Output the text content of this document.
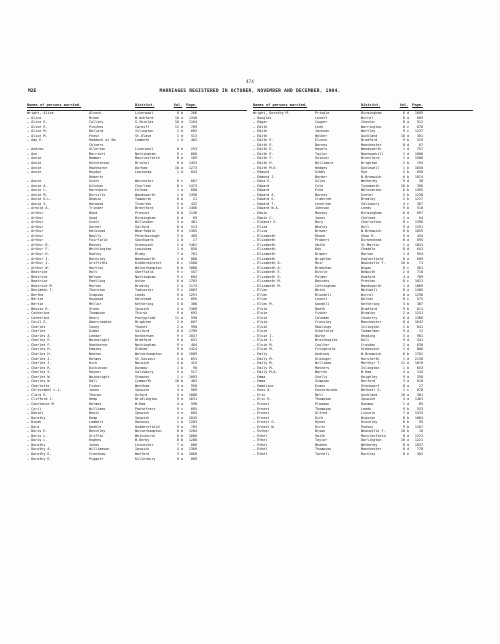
474
M2E	MARRIAGES REGISTERED IN OCTOBER, NOVEMBER AND DECEMBER, 1904.
Names of persons married.	District.	Vol.	Page.
Wright, Alice	Alcock	Liverpool	8 b	266
— Alice	Brown	W.Ashford	10 a	1340
— Alice E.	Collins	S.Shields	10 a	1164
— Alice E.	Pinches	Cardiff	11 a	769
— Alice M.	Ballard	Islington	1 b	665
— Alice M.	Feast	St.Olave	1 d	513
— Amy E.	Haddock or Ba	Lambeth	1 d	402
Chivers
— Andrew	Allerton	Liverpool	8 b	253
— Ann	Marriott	Nottingham	9 c	666
— Annie	Bamber	Macclesfield	8 a	189
— Annie	Hutchinson	Bristol	6 a	1453
— Annie	Hawthorne	Durham	10 a	1273
— Annie	Haydon	Lewisham	1 d	843
Roberts
— Annie	Scott	Worcester	6 c	607
— Annie A.	Kitchen	Chorlton	8 c	1473
— Annie L.	Hartshorn	Fulham	1 a	600
— Annie M.	Bursills	Wandsworth	1 d	1396
— Annie O.L.	Deakin	Tamworth	6 b	21
— Annie S.	Harwood	Tiverton	5 b	432
— Arnold A.	Trinder	Brentford	3 a	1466
— Arthur	Bond	Prescot	8 b	1136
— Arthur	Good	Birmingham	6 d	69
— Arthur	Scott	Willesden	3 a	401
— Arthur	Garner	Salford	8 d	513
— Arthur	Halstead	Wharfedale	9 a	1305
— Arthur	Newlly	Peterborough	3 b	409
— Arthur	Fairfield	Southwark	1 d	17
— Arthur B.	Massey	Greenwich	1 d	1461
— Arthur F.	Whittington	Lewisham	1 d	850
— Arthur H.	Rowley	Blaby	7 a	761
— Arthur J.	Barnsley	Wandsworth	1 d	888
— Arthur J.	Griffiths	Kidderminster	6 c	1500
— Arthur W.	Hartley	Wolverhampton	6 b	1086
— Beatrice	Holt	Sheffield	9 c	557
— Beatrice	Nelson	Nottingham	9 c	684
— Beatrice	Pantling	Aston	6 d	1783
— Beatrice M.	Horton	Bromley	2 a	1174
— Benjamin T.	Thornton	Tadcaster	9 c	1063
— Bertha	Simpson	Leeds	9 b	1291
— Bertie	Haywood	Halstead	4 a	895
— Bertie	Mellor	Kettering	3 b	386
— Bessie R.	Green	Ipswich	4 a	1368
— Catherine	Thompson	Thirsk	9 d	693
— Catherine	Henry	Pontypridd	11 a	590
— Cecil E.	Abercrombie	Brighton	2 b	667
— Charles	Coney	Thanet	2 a	990
— Charles	Gibbs	Salford	8 d	1789
— Charles A.	Leedar	Rotherham	9 c	1037
— Charles E.	Wainwright	Bradford	9 b	651
— Charles F.	Hawthorne	Nottingham	9 c	484
— Charles H.	Emmies	Oldham	9 b	1424
— Charles H.	Newton	Wolverhampton	6 b	1009
— Charles J.	Holmes	St.Saviour	1 d	651
— Charles J.	Kirk	Norwich	4 b	415
— Charles R.	Dickinson	Dunmow	1 b	90
— Charles S.	Rayner	Salisbury	5 a	517
— Charles W.	Wainwright	Stepney	1 c	1093
— Charles W.	Hall	Cymmwrth	10 b	465
— Charlotte	Fisher	Westham	4 a	956
— Christabel L.L.	Jones	Ipswich	4 a	909
— Clara E.	Thorpe	Oxford	3 a	1086
— Clifford J.	Hemp	Bridlington	9 d	1631
— Constance M.	Holmes	W.Ham	4 a	598
— Cyril	Williams	Pontefract	9 c	605
— Daniel	Hewit	Ipswich	4 a	605
— Dorothy	Kemp	Ipswich	4 a	2045
— Dinah	Lambert	Hackney	1 b	1203
— Dora	Keeble	Huddersfield	9 a	783
— Doris E.	Batchley	Wolverhampton	6 b	1204
— Doris L.	Griffin	Whitchurch	6 b	1806
— Doris L.	Hughes	W.Derby	8 b	1280
— Dorothy	Jones	Leicester	7 a	866
— Dorothy A.	Williamson	Ipswich	4 a	1369
— Dorothy E.	Cronshaw	Watford	3 a	2060
— Dorothy E.	Piggott	Killerbury	9 a	889
Names of persons married.	District.	Vol.	Page.
Wright, Dorothy M.	Pringle	Birmingham	6 d	1609
— Douglas	Lovett	Wirral	8 a	605
— Edgar	Cooper	Chester	8 a	912
— Edith	Leek	Warrington	8 c	678
— Edith	Jackson	Wortley	9 c	1237
— Edith	Walker	Auckland	10 a	301
— Edith E.	Elcock	Bradford	9 b	519
— Edith E.	Barnes	Manchester	8 d	67
— Edith E.	Hayers	Wandsworth	1 d	797
— Edith E.	Taylor	Newtownhill	1 d	1006
— Edith F.	Skinner	Brentford	1 a	1588
— Edith H.	Bullimore	Brighton	2 b	194
— Edith M.E.	Hedges	Dunlewell	1 b	1650
— Edmund	Gibbs	Rye	2 b	650
— Edmund J.	Barber	N.Bromwich	6 b	1074
— Edna E.	Giles	Wetherby	9 d	30
— Edward	Cole	Tynemouth	10 b	396
— Edward	Pike	Wolstanton	6 b	1365
— Edward A.	Barnes	Exeter	5 b	1230
— Edward G.	Crabtree	Bromley	2 b	1217
— Edward T.	Leverton	Salisbury	4 c	367
— Edward W.A.	Johnson	Leeds	9 b	510
— Edwin	Massey	Birmingham	6 d	697
— Edwin C.	Jones	Chelsea	1 a	64
— Eleanor E.	Bury	Charlotton	8 c	1390
— Eliza	Whaley	Hull	9 d	1291
— Eliza	Brewer	W.Bromwich	6 b	1055
— Elizabeth	Rhone	Shaw R.	9 a	454
— Elizabeth	Probert	Birkenhead	8 a	695
— Elizabeth	Smith	St.Martin	1 a	1031
— Elizabeth	Kay	Chaddle	8 d	641
— Elizabeth	Draper	Marton	1 d	954
— Elizabeth	Wrighton	Eaglesfield	8 a	609
— Elizabeth A.	Muir	Newcastle T.	10 b	71
— Elizabeth A.	Bradshaw	Wigan	8 c	361
— Elizabeth E.	Bitcle	Bedwith	2 d	710
— Elizabeth E.	Palmer	Romford	4 a	789
— Elizabeth M.	Baccahs	Preston	8 c	1021
— Elizabeth M.	Cottingham	Wandsworth	1 d	1069
— Ellen	White	Whitwell	8 a	1485
— Ellen	Blundell	Wirral	8 a	1296
— Ellen	Lovett	Bolton	8 c	575
— Ellen M.	Gandell	Kettering	3 b	387
— Elsie	Booth	Bradford	9 b	611
— Elsie	Fisher	Bromley	2 a	1251
— Elsie	Caleman	Coventry	6 d	1366
— Elsie	Crossley	Manchester	8 a	1642
— Elsie	Rawlings	Islington	1 b	841
— Elsie	Schofield	Todmorden	9 a	12
— Elsie I.	Burke	Reading	3 a	981
— Elsie I.	Braithwaite	Hull	9 d	541
— Elsie M.	Coulter	Croydon	2 a	630
— Elsie M.	Fitzgerald	Greenwich	1 d	806
— Emily	Andrews	W.Bromwich	6 b	1701
— Emily M.	Grainger	Horsforth	1 d	2130
— Emily M.	Williams	Merthyr T.	11 a	1070
— Emily M.	Masters	Islington	1 b	653
— Emily M.A.	Warren	W.Ham	4 a	134
— Emma	Snelly	Keighley	9 a	350
— Emma	Simpson	Burford	3 a	610
— Emmeline	Evans	Stockport	8 a	27
— Enos A.	Easterbrook	Bethnal G.	1 c	678
— Eric	Bell	Auckland	10 a	301
— Eric H.	Thompson	Ipswich	4 a	1461
— Ernest	Plowman	Dunmow	1 d	85
— Ernest	Thompson	Leeds	9 b	533
— Ernest	Alfred	Lincoln	7 a	1315
— Ernest	Kirk	Wigston	8 b	1004
— Ernest G.	Hynes	Hinckley	6 b	95
— Ernest W.	Hirst	Pudsey	9 b	1107
— Esther	Brown	Newcastle T.	10 b	16
— Ethel	Smith	Macclesfield	8 a	1223
— Ethel	Taylor	Darlington	10 a	1221
— Ethel	Beaken	Wetherby	8 d	1037
— Ethel	Thompson	Manchester	8 d	778
— Ethel	Tarnell	Burnley	8 e	301
